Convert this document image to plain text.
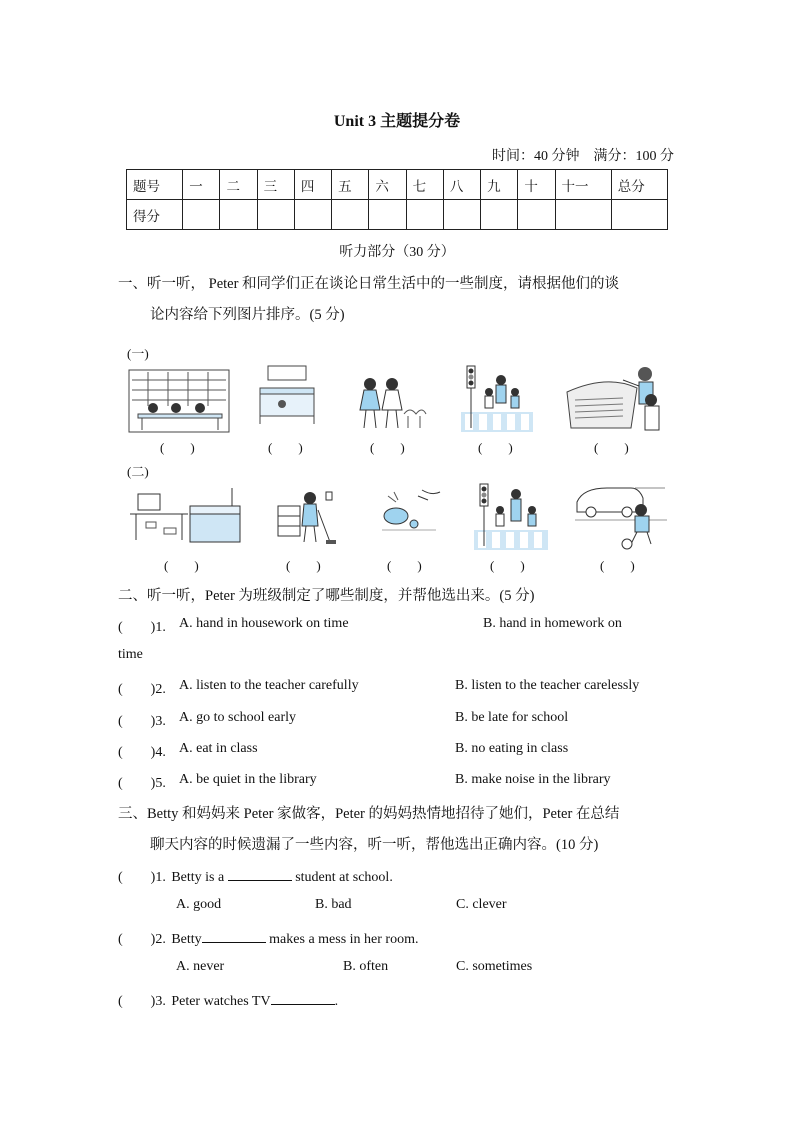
Unit 3 主题提分卷
时间：40 分钟　满分：100 分
题号	一	二	三	四	五	六	七	八	九	十	十一	总分
得分												
听力部分（30 分）
一、听一听， Peter 和同学们正在谈论日常生活中的一些制度，请根据他们的谈
论内容给下列图片排序。(5 分)
(一)
(　　)	(　　)	(　　)	(　　)	(　　)
(二)
(　　)	(　　)	(　　)	(　　)	(　　)
二、听一听，Peter 为班级制定了哪些制度，并帮他选出来。(5 分)
(　　)1. A. hand in housework on time	B. hand in homework on
time
(　　)2. A. listen to the teacher carefully	B. listen to the teacher carelessly
(　　)3. A. go to school early	B. be late for school
(　　)4. A. eat in class	B. no eating in class
(　　)5. A. be quiet in the library	B. make noise in the library
三、Betty 和妈妈来 Peter 家做客，Peter 的妈妈热情地招待了她们，Peter 在总结
聊天内容的时候遗漏了一些内容，听一听，帮他选出正确内容。(10 分)
(　　)1. Betty is a	student at school.
A. good	B. bad	C. clever
(　　)2. Betty	makes a mess in her room.
A. never	B. often	C. sometimes
(　　)3. Peter watches TV	.
